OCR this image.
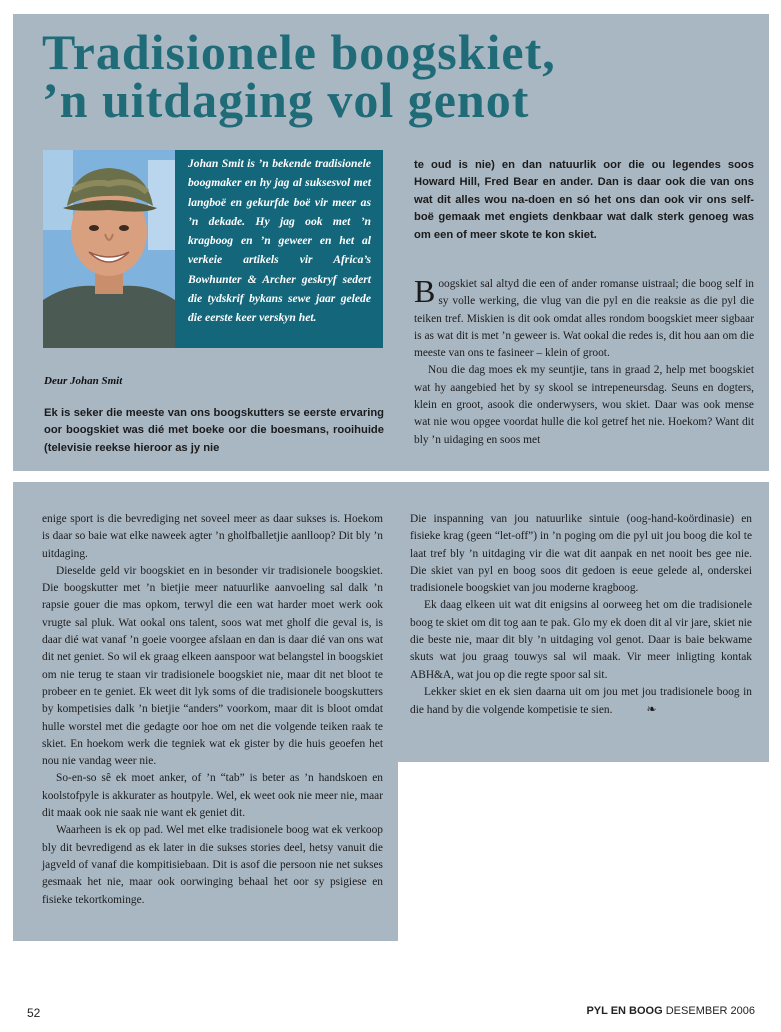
Tradisionele boogskiet,
’n uitdaging vol genot

Johan Smit is ’n bekende tradisionele boogmaker en hy jag al suksesvol met langboë en gekurfde boë vir meer as ’n dekade. Hy jag ook met ’n kragboog en ’n geweer en het al verkeie artikels vir Africa’s Bowhunter & Archer geskryf sedert die tydskrif bykans sewe jaar gelede die eerste keer verskyn het.

Deur Johan Smit

Ek is seker die meeste van ons boogskutters se eerste ervaring oor boogskiet was dié met boeke oor die boesmans, rooihuide (televisie reekse hieroor as jy nie

te oud is nie) en dan natuurlik oor die ou legendes soos Howard Hill, Fred Bear en ander. Dan is daar ook die van ons wat dit alles wou na-doen en só het ons dan ook vir ons self-boë gemaak met engiets denkbaar wat dalk sterk genoeg was om een of meer skote te kon skiet.

Boogskiet sal altyd die een of ander romanse uistraal; die boog self in sy volle werking, die vlug van die pyl en die reaksie as die pyl die teiken tref. Miskien is dit ook omdat alles rondom boogskiet meer sigbaar is as wat dit is met ’n geweer is. Wat ookal die redes is, dit hou aan om die meeste van ons te fasineer – klein of groot.

Nou die dag moes ek my seuntjie, tans in graad 2, help met boogskiet wat hy aangebied het by sy skool se intrepeneursdag. Seuns en dogters, klein en groot, asook die onderwysers, wou skiet. Daar was ook mense wat nie wou opgee voordat hulle die kol getref het nie. Hoekom? Want dit bly ’n uidaging en soos met

enige sport is die bevrediging net soveel meer as daar sukses is. Hoekom is daar so baie wat elke naweek agter ’n gholfballetjie aanlloop? Dit bly ’n uitdaging.

Dieselde geld vir boogskiet en in besonder vir tradisionele boogskiet. Die boogskutter met ’n bietjie meer natuurlike aanvoeling sal dalk ’n rapsie gouer die mas opkom, terwyl die een wat harder moet werk ook vrugte sal pluk. Wat ookal ons talent, soos wat met gholf die geval is, is daar dié wat vanaf ’n goeie voorgee afslaan en dan is daar dié van ons wat dit net geniet. So wil ek graag elkeen aanspoor wat belangstel in boogskiet om nie terug te staan vir tradisionele boogskiet nie, maar dit net bloot te probeer en te geniet. Ek weet dit lyk soms of die tradisionele boogskutters by kompetisies dalk ’n bietjie “anders” voorkom, maar dit is bloot omdat hulle worstel met die gedagte oor hoe om net die volgende teiken raak te skiet. En hoekom werk die tegniek wat ek gister by die huis geoefen het nou nie vandag weer nie.

So-en-so sê ek moet anker, of ’n “tab” is beter as ’n handskoen en koolstofpyle is akkurater as houtpyle. Wel, ek weet ook nie meer nie, maar dit maak ook nie saak nie want ek geniet dit.

Waarheen is ek op pad. Wel met elke tradisionele boog wat ek verkoop bly dit bevredigend as ek later in die sukses stories deel, hetsy vanuit die jagveld of vanaf die kompitisiebaan. Dit is asof die persoon nie net sukses gesmaak het nie, maar ook oorwinging behaal het oor sy psigiese en fisieke tekortkominge.

Die inspanning van jou natuurlike sintuie (oog-hand-koördinasie) en fisieke krag (geen “let-off”) in ’n poging om die pyl uit jou boog die kol te laat tref bly ’n uitdaging vir die wat dit aanpak en net nooit bes gee nie. Die skiet van pyl en boog soos dit gedoen is eeue gelede al, onderskei tradisionele boogskiet van jou moderne kragboog.

Ek daag elkeen uit wat dit enigsins al oorweeg het om die tradisionele boog te skiet om dit tog aan te pak. Glo my ek doen dit al vir jare, skiet nie die beste nie, maar dit bly ’n uitdaging vol genot. Daar is baie bekwame skuts wat jou graag touwys sal wil maak. Vir meer inligting kontak ABH&A, wat jou op die regte spoor sal sit.

Lekker skiet en ek sien daarna uit om jou met jou tradisionele boog in die hand by die volgende kompetisie te sien.	❧

52	PYL EN BOOG DESEMBER 2006
